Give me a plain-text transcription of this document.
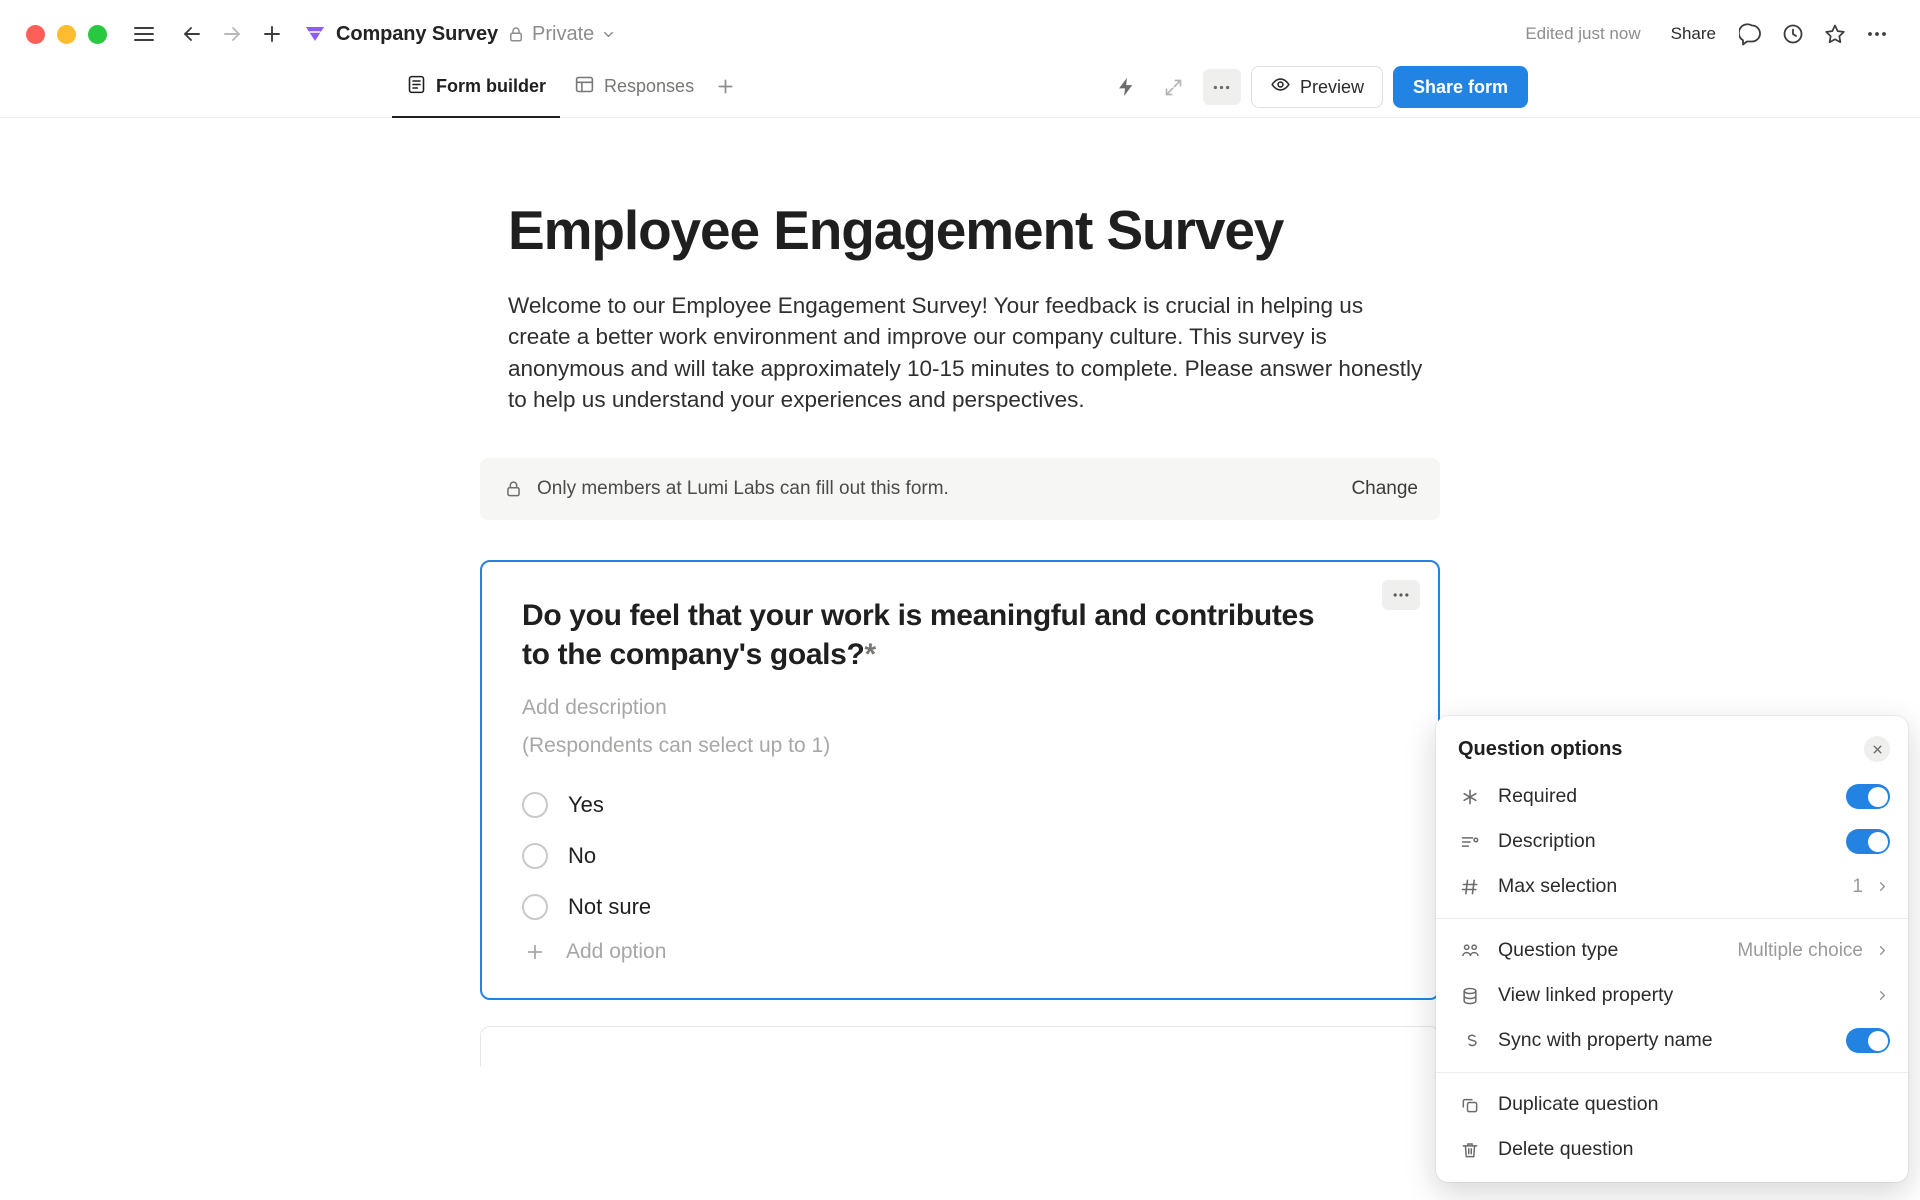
Company Survey Private	Edited just now	Share
Form builder	Responses	Preview	Share form
Employee Engagement Survey

Welcome to our Employee Engagement Survey! Your feedback is crucial in helping us create a better work environment and improve our company culture. This survey is anonymous and will take approximately 10-15 minutes to complete. Please answer honestly to help us understand your experiences and perspectives.

Only members at Lumi Labs can fill out this form.	Change
Do you feel that your work is meaningful and contributes to the company's goals?*
Add description
(Respondents can select up to 1)
Yes
No
Not sure
Add option
Question options
Required
Description
Max selection	1
Question type	Multiple choice
View linked property
Sync with property name
Duplicate question
Delete question
